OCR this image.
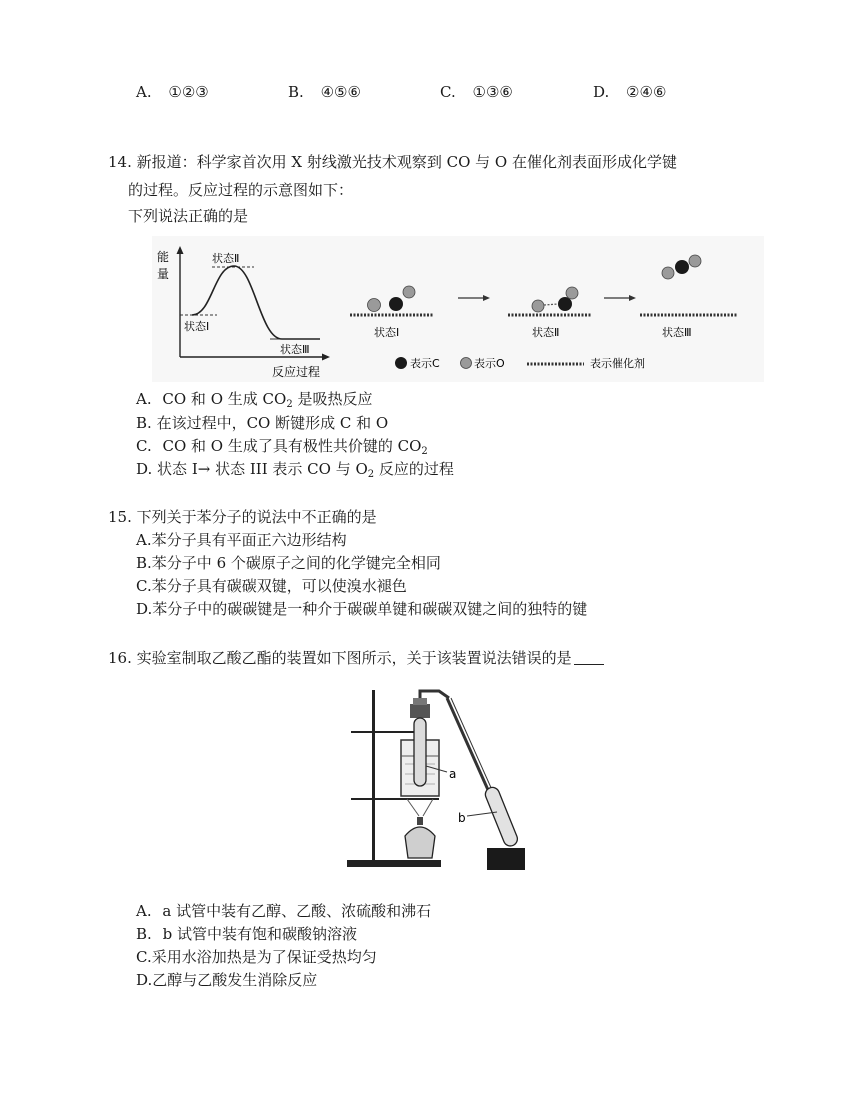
A. ①②③	B. ④⑤⑥	C. ①③⑥	D. ②④⑥
14. 新报道：科学家首次用 X 射线激光技术观察到 CO 与 O 在催化剂表面形成化学键
的过程。反应过程的示意图如下：
下列说法正确的是
能
量
反应过程
状态Ⅰ
状态Ⅱ
状态Ⅲ
状态Ⅰ	状态Ⅱ	状态Ⅲ
表示C	表示O	表示催化剂
A. CO 和 O 生成 $CO_2$ 是吸热反应
B. 在该过程中，CO 断键形成 C 和 O
C. CO 和 O 生成了具有极性共价键的 $CO_2$
D. 状态 I→ 状态 III 表示 CO 与 $O_2$ 反应的过程
15. 下列关于苯分子的说法中不正确的是
A.苯分子具有平面正六边形结构
B.苯分子中 6 个碳原子之间的化学键完全相同
C.苯分子具有碳碳双键，可以使溴水褪色
D.苯分子中的碳碳键是一种介于碳碳单键和碳碳双键之间的独特的键
16. 实验室制取乙酸乙酯的装置如下图所示，关于该装置说法错误的是
a
b
A. a 试管中装有乙醇、乙酸、浓硫酸和沸石
B. b 试管中装有饱和碳酸钠溶液
C.采用水浴加热是为了保证受热均匀
D.乙醇与乙酸发生消除反应
